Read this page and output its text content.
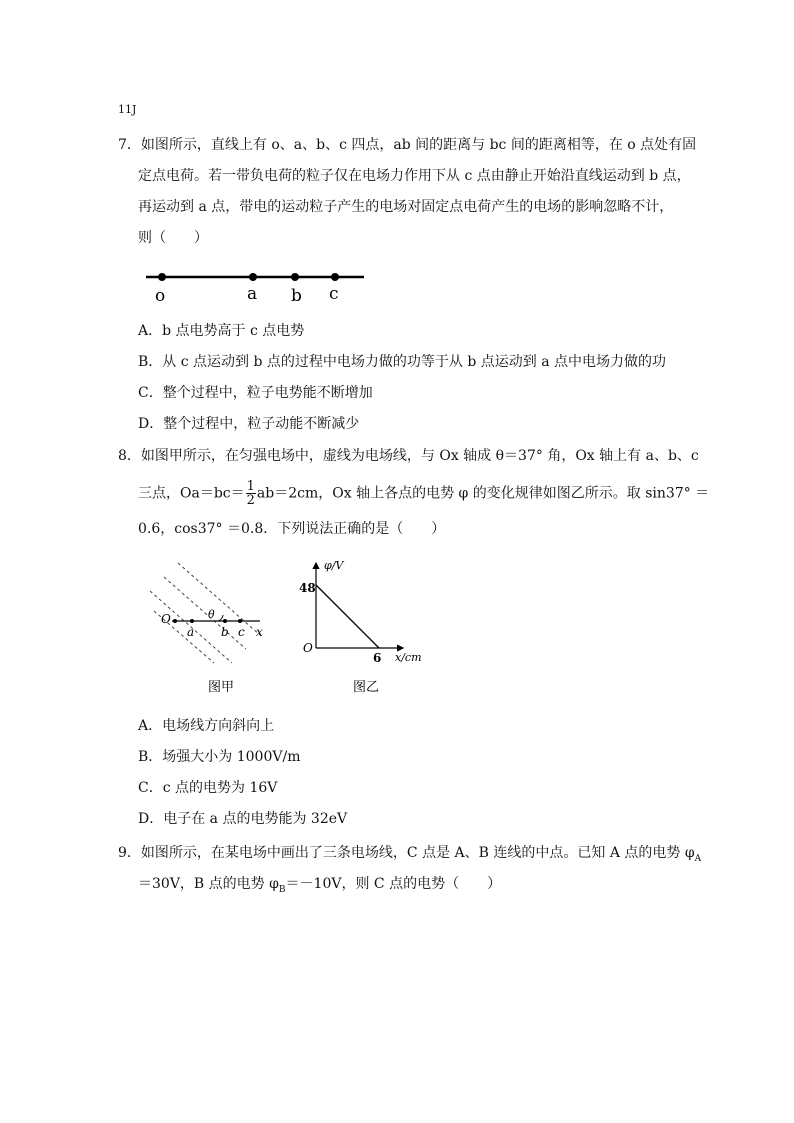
11J
7．如图所示，直线上有 o、a、b、c 四点，ab 间的距离与 bc 间的距离相等，在 o 点处有固
定点电荷。若一带负电荷的粒子仅在电场力作用下从 c 点由静止开始沿直线运动到 b 点，
再运动到 a 点，带电的运动粒子产生的电场对固定点电荷产生的电场的影响忽略不计，
则（　　）
o	a b c
A．b 点电势高于 c 点电势
B．从 c 点运动到 b 点的过程中电场力做的功等于从 b 点运动到 a 点中电场力做的功
C．整个过程中，粒子电势能不断增加
D．整个过程中，粒子动能不断减少
8．如图甲所示，在匀强电场中，虚线为电场线，与 Ox 轴成 θ＝37° 角，Ox 轴上有 a、b、c
三点，$Oa=bc= \frac{1}{2} ab=2cm$，Ox 轴上各点的电势 φ 的变化规律如图乙所示。取 sin37° ＝
0.6，cos37° ＝0.8．下列说法正确的是（　　）
O
a b c x
θ
图甲
φ/V
x/cm
48
6
O
图乙
A．电场线方向斜向上
B．场强大小为 1000V/m
C．c 点的电势为 16V
D．电子在 a 点的电势能为 32eV
9．如图所示，在某电场中画出了三条电场线，C 点是 A、B 连线的中点。已知 A 点的电势 $\varphi_A$
＝30V，B 点的电势 $\varphi_B=-10V$，则 C 点的电势（　　）
